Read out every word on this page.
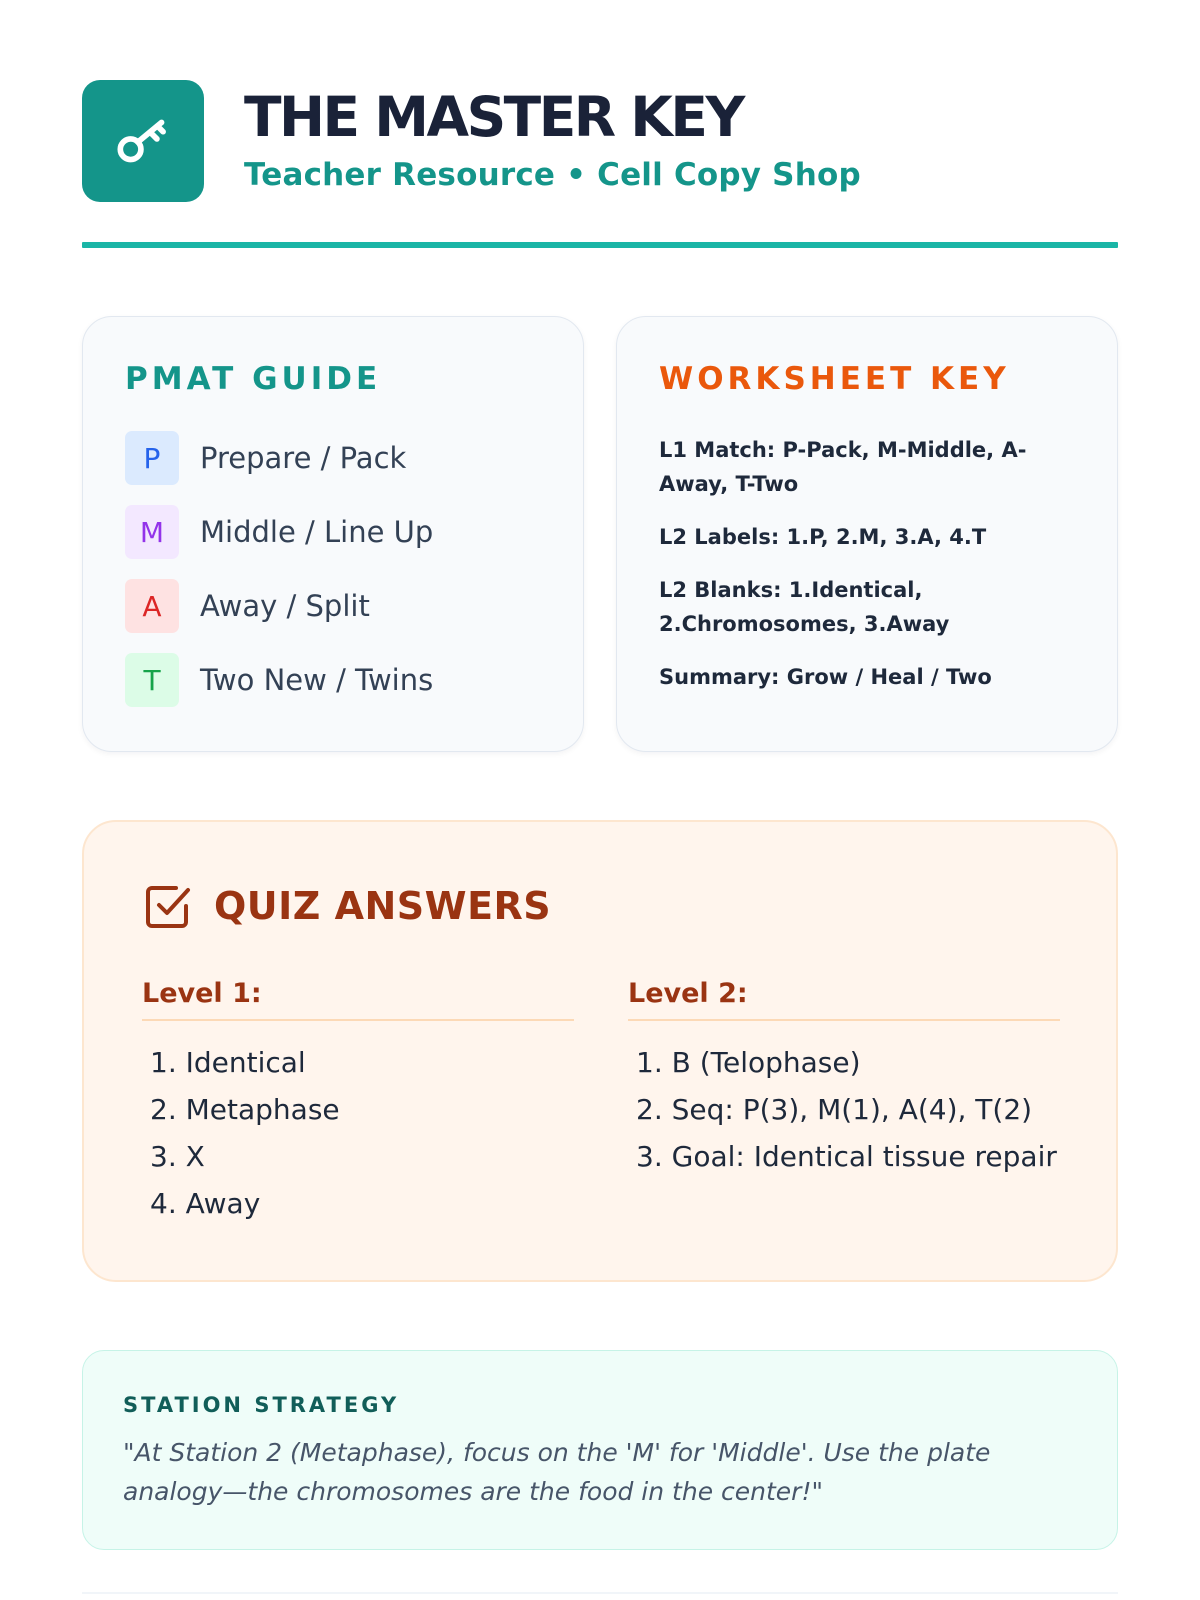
THE MASTER KEY
Teacher Resource • Cell Copy Shop
PMAT GUIDE
P	Prepare / Pack
M	Middle / Line Up
A	Away / Split
T	Two New / Twins
WORKSHEET KEY
L1 Match: P-Pack, M-Middle, A-Away, T-Two
L2 Labels: 1.P, 2.M, 3.A, 4.T
L2 Blanks: 1.Identical, 2.Chromosomes, 3.Away
Summary: Grow / Heal / Two
QUIZ ANSWERS
Level 1:
1. Identical
2. Metaphase
3. X
4. Away
Level 2:
1. B (Telophase)
2. Seq: P(3), M(1), A(4), T(2)
3. Goal: Identical tissue repair
STATION STRATEGY
"At Station 2 (Metaphase), focus on the 'M' for 'Middle'. Use the plate analogy—the chromosomes are the food in the center!"
